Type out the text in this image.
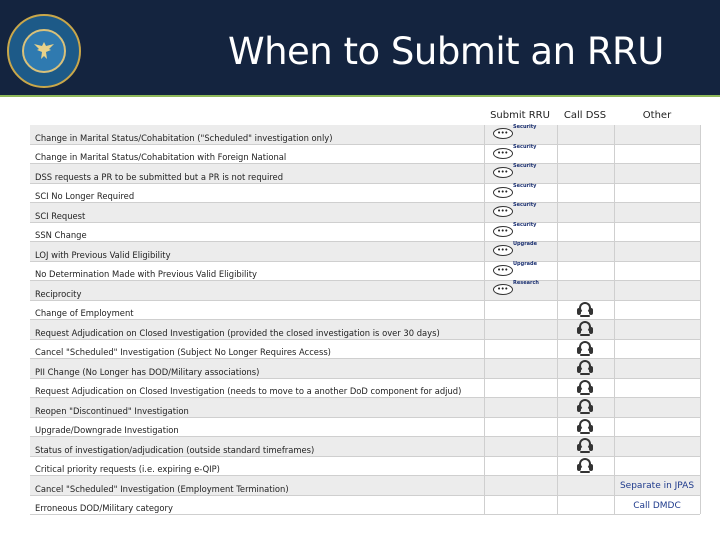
When to Submit an RRU
Submit RRU	Call DSS	Other
Change in Marital Status/Cohabitation ("Scheduled" investigation only)
Change in Marital Status/Cohabitation with Foreign National
DSS requests a PR to be submitted but a PR is not required
SCI No Longer Required
SCI Request
SSN Change
LOJ with Previous Valid Eligibility
No Determination Made with Previous Valid Eligibility
Reciprocity
Change of Employment
Request Adjudication on Closed Investigation (provided the closed investigation is over 30 days)
Cancel "Scheduled" Investigation (Subject No Longer Requires Access)
PII Change (No Longer has DOD/Military associations)
Request Adjudication on Closed Investigation (needs to move to a another DoD component for adjud)
Reopen "Discontinued" Investigation
Upgrade/Downgrade Investigation
Status of investigation/adjudication (outside standard timeframes)
Critical priority requests (i.e. expiring e-QIP)
Cancel "Scheduled" Investigation (Employment Termination)
Erroneous DOD/Military category
•••
Security
•••
Security
•••
Security
•••
Security
•••
Security
•••
Security
•••
Upgrade
•••
Upgrade
•••
Research
Separate in JPAS
Call DMDC
